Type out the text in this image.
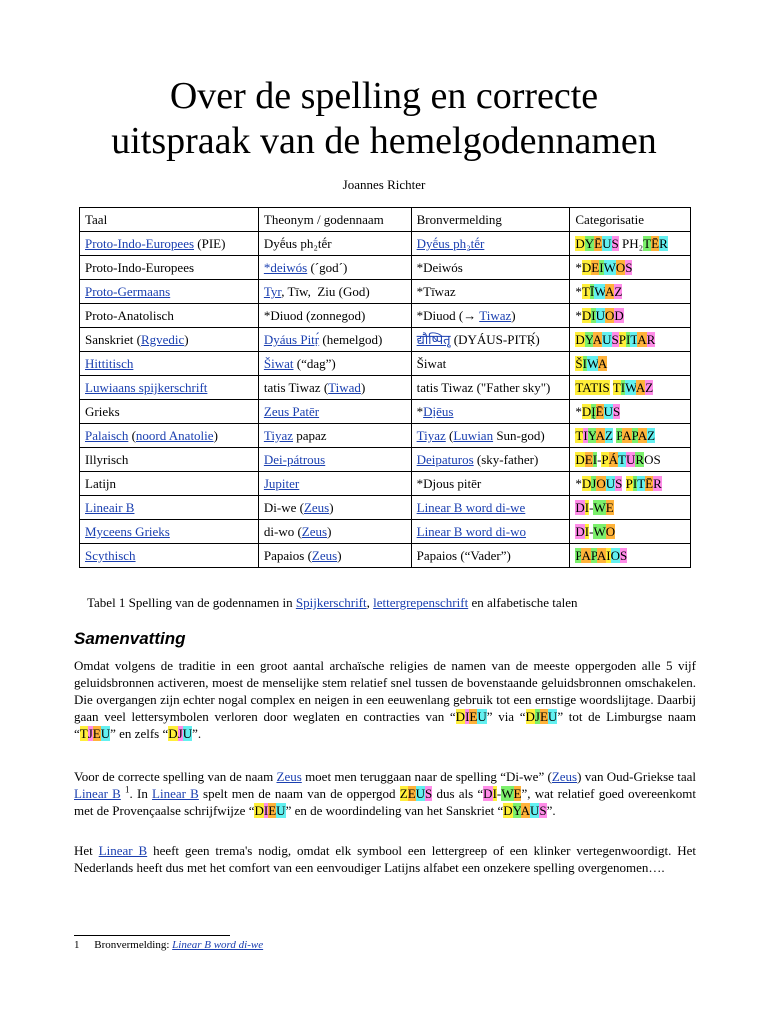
Over de spelling en correcte
uitspraak van de hemelgodennamen
Joannes Richter
Taal	Theonym / godennaam	Bronvermelding	Categorisatie
Proto-Indo-Europees (PIE)	Dyḗus ph₂tḗr	Dyḗus ph₂tḗr	DYĒUS PH₂TĒR
Proto-Indo-Europees	*deiwós (´god´)	*Deiwós	*DEIWOS
Proto-Germaans	Tyr, Tīw,  Ziu (God)	*Tīwaz	*TĪWAZ
Proto-Anatolisch	*Diuod (zonnegod)	*Diuod (→ Tiwaz)	*DIUOD
Sanskriet (Rgvedic)	Dyáus Pitṛ́ (hemelgod)	द्यौष्पितृ (DYÁUS-PITṚ́)	DYAUSPITAR
Hittitisch	Šiwat (“dag”)	Šiwat	ŠIWA
Luwiaans spijkerschrift	tatis Tiwaz (Tiwad)	tatis Tiwaz ("Father sky")	TATIS TIWAZ
Grieks	Zeus Patēr	*Dịēus	*DĮĒUS
Palaisch (noord Anatolie)	Tiyaz papaz	Tiyaz (Luwian Sun-god)	TIYAZ PAPAZ
Illyrisch	Dei-pátrous	Deipaturos (sky-father)	DEI-PÁTUROS
Latijn	Jupiter	*Djous pitēr	*DJOUS PITĒR
Lineair B	Di-we (Zeus)	Linear B word di-we	DI-WE
Myceens Grieks	di-wo (Zeus)	Linear B word di-wo	DI-WO
Scythisch	Papaios (Zeus)	Papaios (“Vader”)	PAPAIOS
Tabel 1 Spelling van de godennamen in Spijkerschrift, lettergrepenschrift en alfabetische talen
Samenvatting
Omdat volgens de traditie in een groot aantal archaïsche religies de namen van de meeste oppergoden alle 5 vijf geluidsbronnen activeren, moest de menselijke stem relatief snel tussen de bovenstaande geluidsbronnen omschakelen. Die overgangen zijn echter nogal complex en neigen in een eeuwenlang gebruik tot een ernstige woordslijtage. Daarbij gaan veel lettersymbolen verloren door weglaten en contracties van “DIEU” via “DJEU” tot de Limburgse naam “TJEU” en zelfs “DJU”.
Voor de correcte spelling van de naam Zeus moet men teruggaan naar de spelling “Di-we” (Zeus) van Oud-Griekse taal Linear B $^1$. In Linear B spelt men de naam van de oppergod ZEUS dus als “DI-WE”, wat relatief goed overeenkomt met de Provençaalse schrijfwijze “DIEU” en de woordindeling van het Sanskriet “DYAUS”.
Het Linear B heeft geen trema's nodig, omdat elk symbool een lettergreep of een klinker vertegenwoordigt. Het Nederlands heeft dus met het comfort van een eenvoudiger Latijns alfabet een onzekere spelling overgenomen….
1 Bronvermelding: Linear B word di-we
